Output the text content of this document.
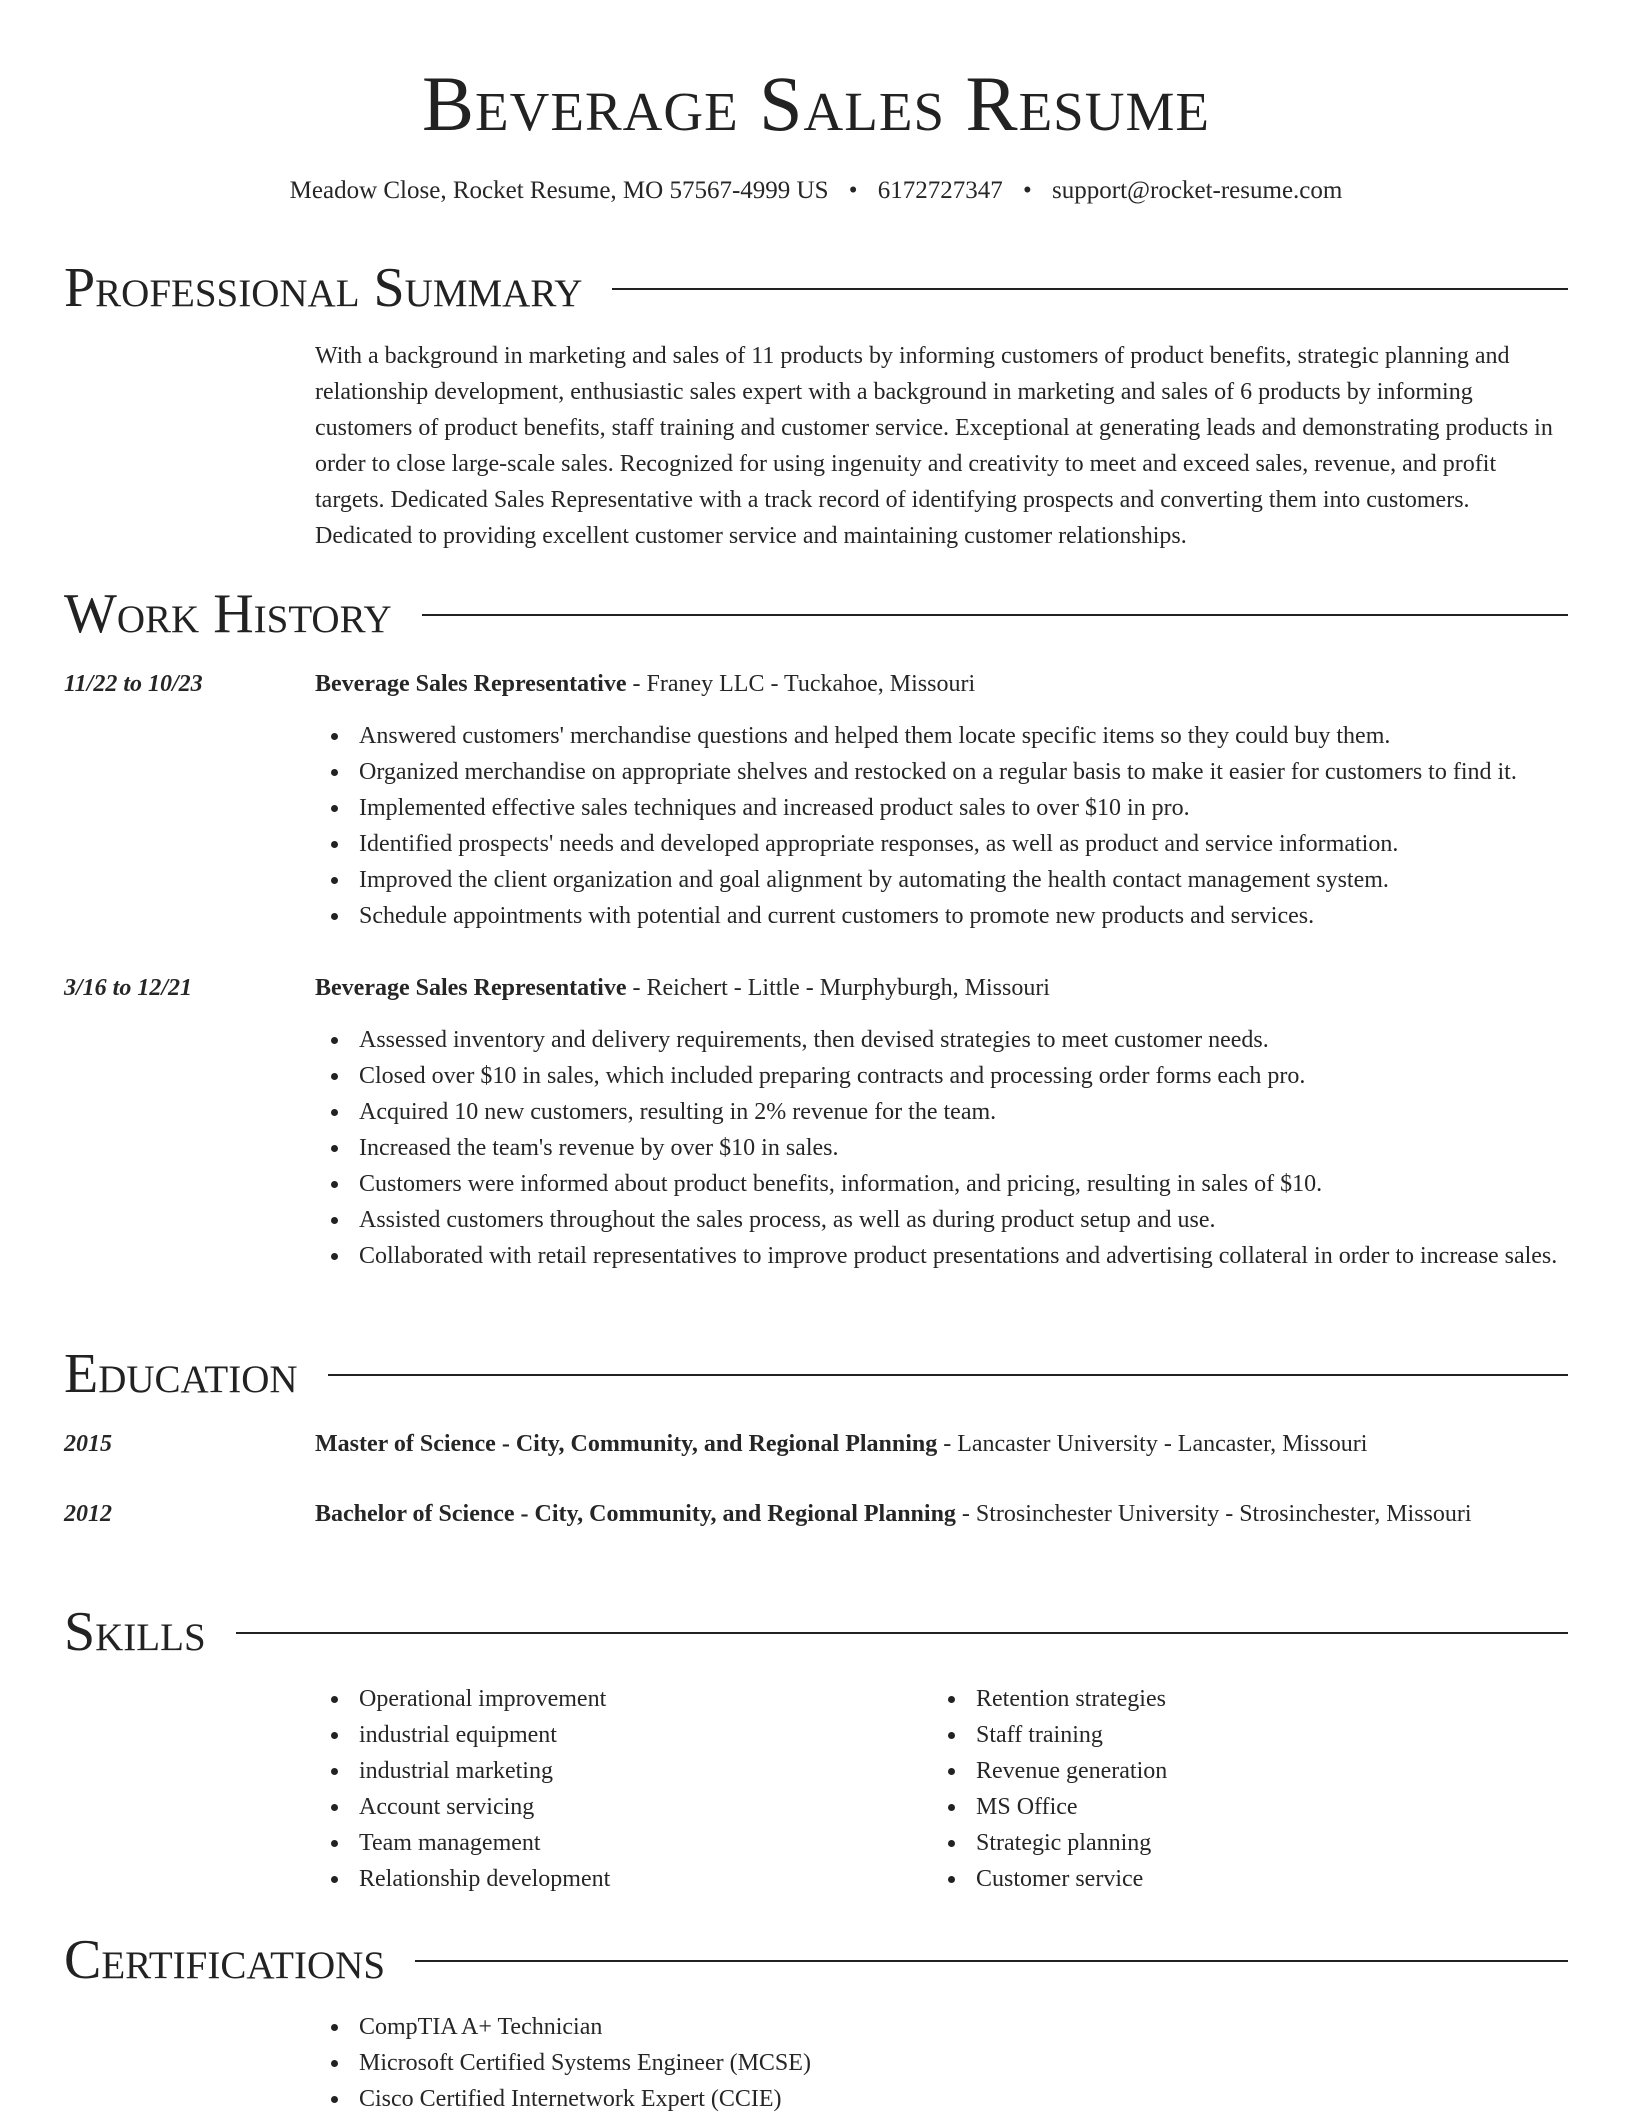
Beverage Sales Resume
Meadow Close, Rocket Resume, MO 57567-4999 US • 6172727347 • support@rocket-resume.com
Professional Summary

With a background in marketing and sales of 11 products by informing customers of product benefits, strategic planning and relationship development, enthusiastic sales expert with a background in marketing and sales of 6 products by informing customers of product benefits, staff training and customer service. Exceptional at generating leads and demonstrating products in order to close large-scale sales. Recognized for using ingenuity and creativity to meet and exceed sales, revenue, and profit targets. Dedicated Sales Representative with a track record of identifying prospects and converting them into customers. Dedicated to providing excellent customer service and maintaining customer relationships.

Work History
11/22 to 10/23	Beverage Sales Representative - Franey LLC - Tuckahoe, Missouri
Answered customers' merchandise questions and helped them locate specific items so they could buy them.
Organized merchandise on appropriate shelves and restocked on a regular basis to make it easier for customers to find it.
Implemented effective sales techniques and increased product sales to over $10 in pro.
Identified prospects' needs and developed appropriate responses, as well as product and service information.
Improved the client organization and goal alignment by automating the health contact management system.
Schedule appointments with potential and current customers to promote new products and services.
3/16 to 12/21	Beverage Sales Representative - Reichert - Little - Murphyburgh, Missouri
Assessed inventory and delivery requirements, then devised strategies to meet customer needs.
Closed over $10 in sales, which included preparing contracts and processing order forms each pro.
Acquired 10 new customers, resulting in 2% revenue for the team.
Increased the team's revenue by over $10 in sales.
Customers were informed about product benefits, information, and pricing, resulting in sales of $10.
Assisted customers throughout the sales process, as well as during product setup and use.
Collaborated with retail representatives to improve product presentations and advertising collateral in order to increase sales.
Education
2015	Master of Science - City, Community, and Regional Planning - Lancaster University - Lancaster, Missouri
2012	Bachelor of Science - City, Community, and Regional Planning - Strosinchester University - Strosinchester, Missouri
Skills
Operational improvement
industrial equipment
industrial marketing
Account servicing
Team management
Relationship development
Retention strategies
Staff training
Revenue generation
MS Office
Strategic planning
Customer service
Certifications
CompTIA A+ Technician
Microsoft Certified Systems Engineer (MCSE)
Cisco Certified Internetwork Expert (CCIE)
